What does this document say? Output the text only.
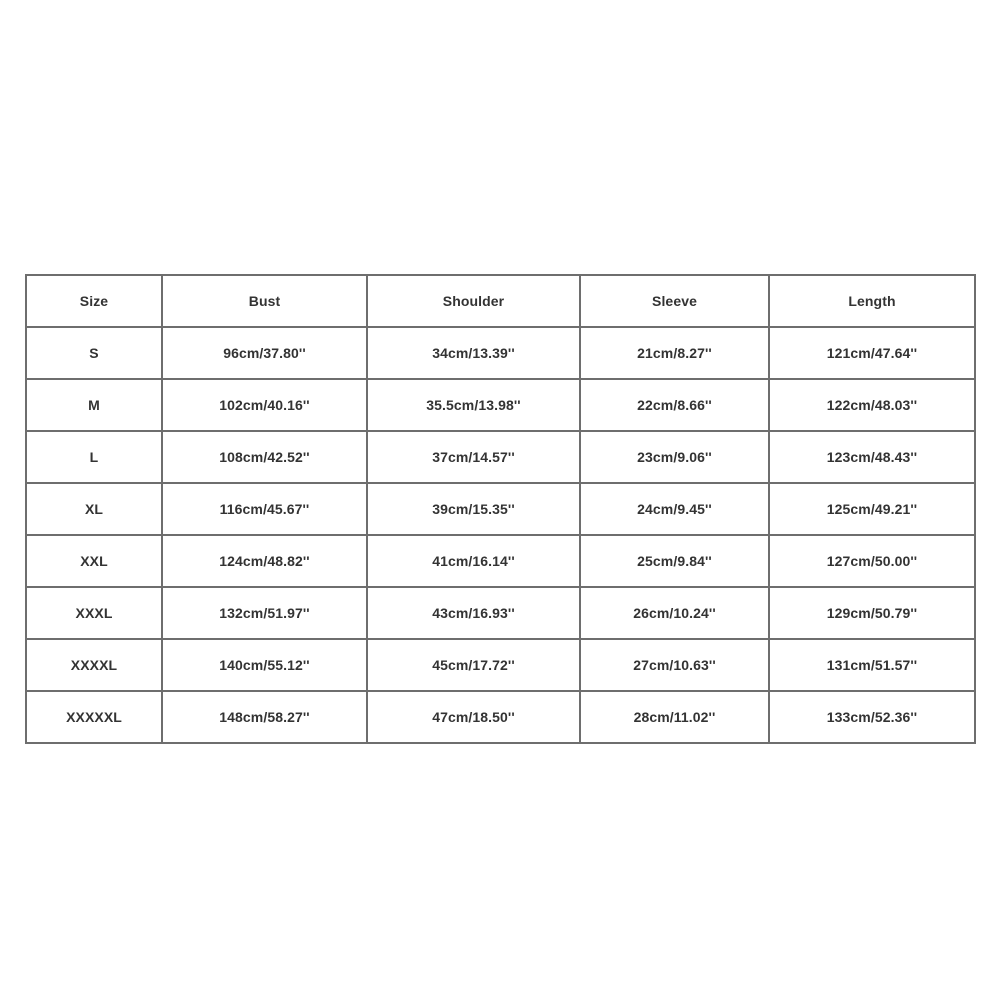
Size	Bust	Shoulder	Sleeve	Length
S	96cm/37.80''	34cm/13.39''	21cm/8.27''	121cm/47.64''
M	102cm/40.16''	35.5cm/13.98''	22cm/8.66''	122cm/48.03''
L	108cm/42.52''	37cm/14.57''	23cm/9.06''	123cm/48.43''
XL	116cm/45.67''	39cm/15.35''	24cm/9.45''	125cm/49.21''
XXL	124cm/48.82''	41cm/16.14''	25cm/9.84''	127cm/50.00''
XXXL	132cm/51.97''	43cm/16.93''	26cm/10.24''	129cm/50.79''
XXXXL	140cm/55.12''	45cm/17.72''	27cm/10.63''	131cm/51.57''
XXXXXL	148cm/58.27''	47cm/18.50''	28cm/11.02''	133cm/52.36''
